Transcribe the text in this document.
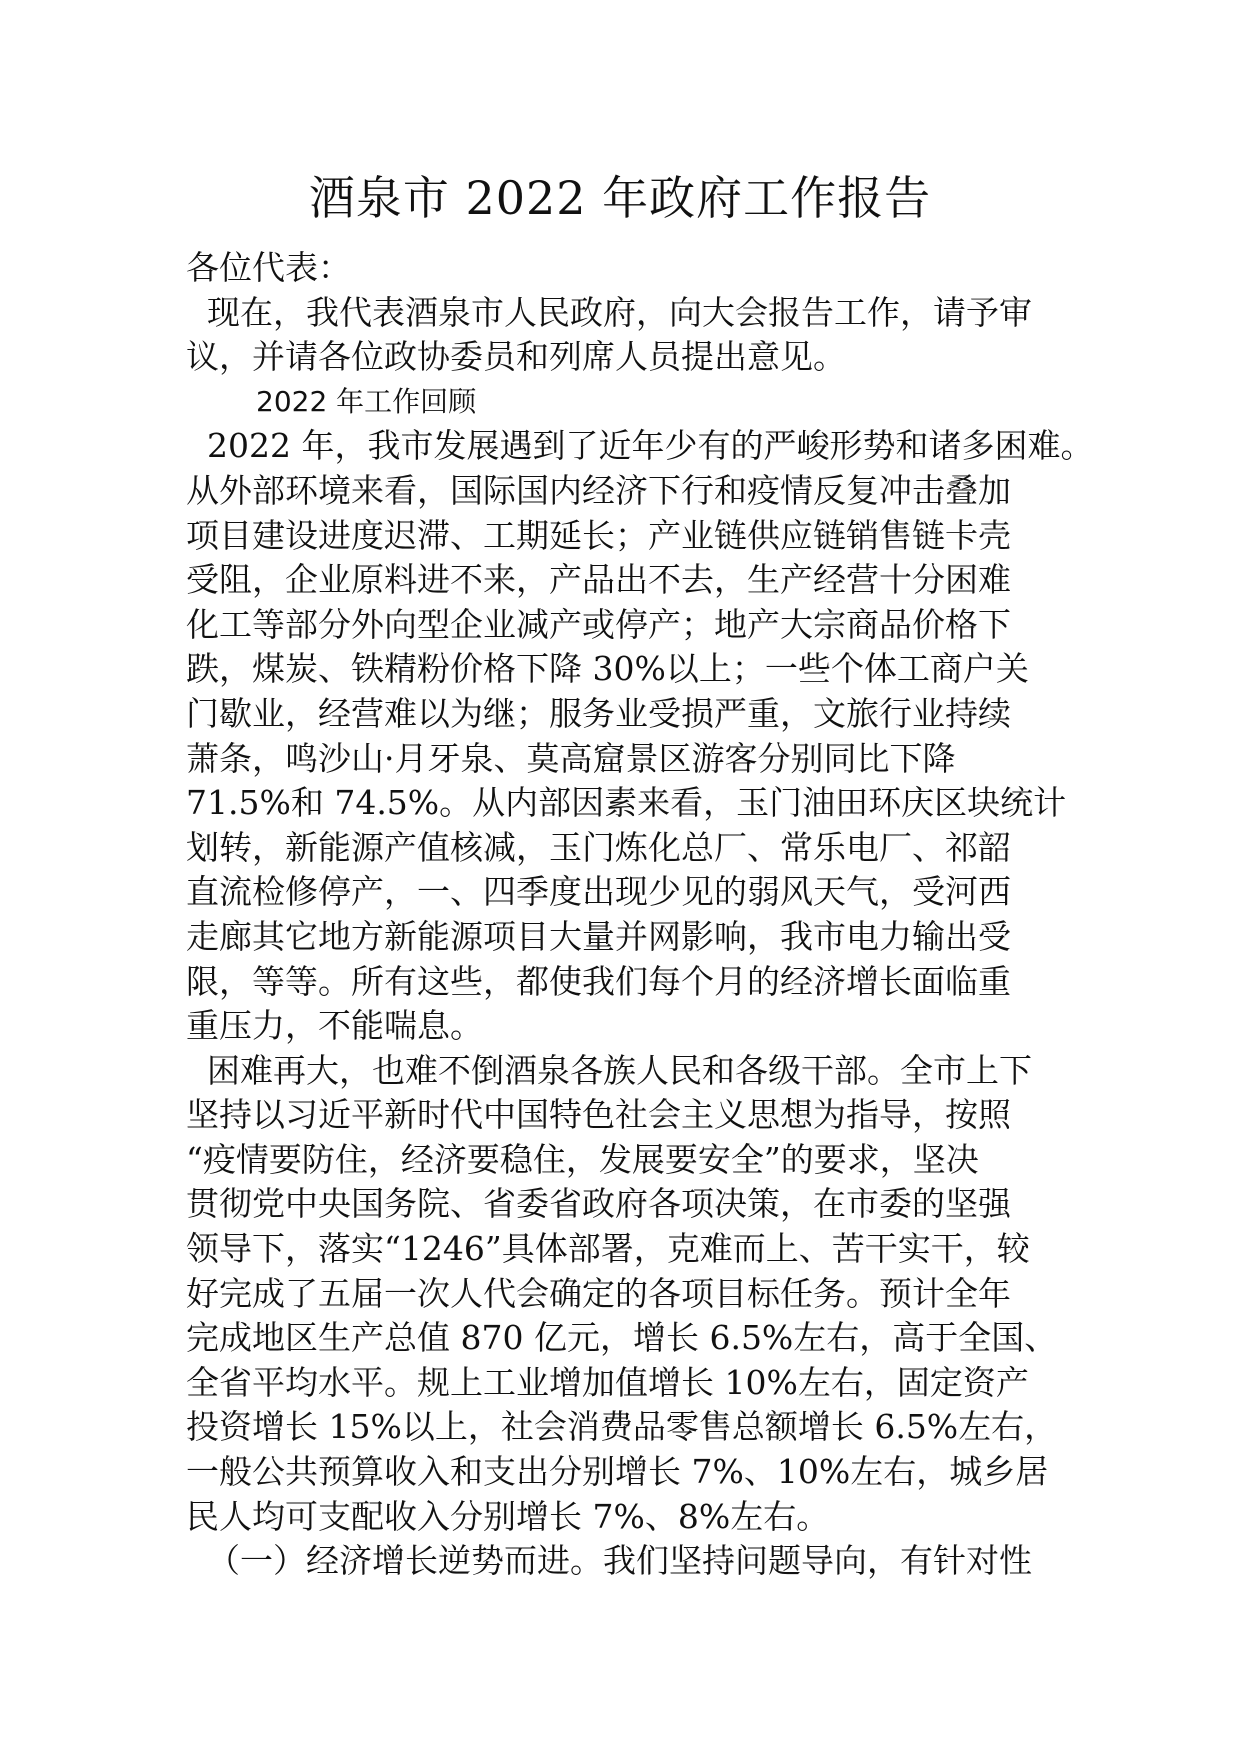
酒泉市 2022 年政府工作报告
各位代表：
现在，我代表酒泉市人民政府，向大会报告工作，请予审
议，并请各位政协委员和列席人员提出意见。
2022 年工作回顾
2022 年，我市发展遇到了近年少有的严峻形势和诸多困难。
从外部环境来看，国际国内经济下行和疫情反复冲击叠加
项目建设进度迟滞、工期延长；产业链供应链销售链卡壳
受阻，企业原料进不来，产品出不去，生产经营十分困难
化工等部分外向型企业减产或停产；地产大宗商品价格下
跌，煤炭、铁精粉价格下降 30%以上；一些个体工商户关
门歇业，经营难以为继；服务业受损严重，文旅行业持续
萧条，鸣沙山·月牙泉、莫高窟景区游客分别同比下降
71.5%和 74.5%。从内部因素来看，玉门油田环庆区块统计
划转，新能源产值核减，玉门炼化总厂、常乐电厂、祁韶
直流检修停产，一、四季度出现少见的弱风天气，受河西
走廊其它地方新能源项目大量并网影响，我市电力输出受
限，等等。所有这些，都使我们每个月的经济增长面临重
重压力，不能喘息。
困难再大，也难不倒酒泉各族人民和各级干部。全市上下
坚持以习近平新时代中国特色社会主义思想为指导，按照
“疫情要防住，经济要稳住，发展要安全”的要求，坚决
贯彻党中央国务院、省委省政府各项决策，在市委的坚强
领导下，落实“1246”具体部署，克难而上、苦干实干，较
好完成了五届一次人代会确定的各项目标任务。预计全年
完成地区生产总值 870 亿元，增长 6.5%左右，高于全国、
全省平均水平。规上工业增加值增长 10%左右，固定资产
投资增长 15%以上，社会消费品零售总额增长 6.5%左右，
一般公共预算收入和支出分别增长 7%、10%左右，城乡居
民人均可支配收入分别增长 7%、8%左右。
（一）经济增长逆势而进。我们坚持问题导向，有针对性
